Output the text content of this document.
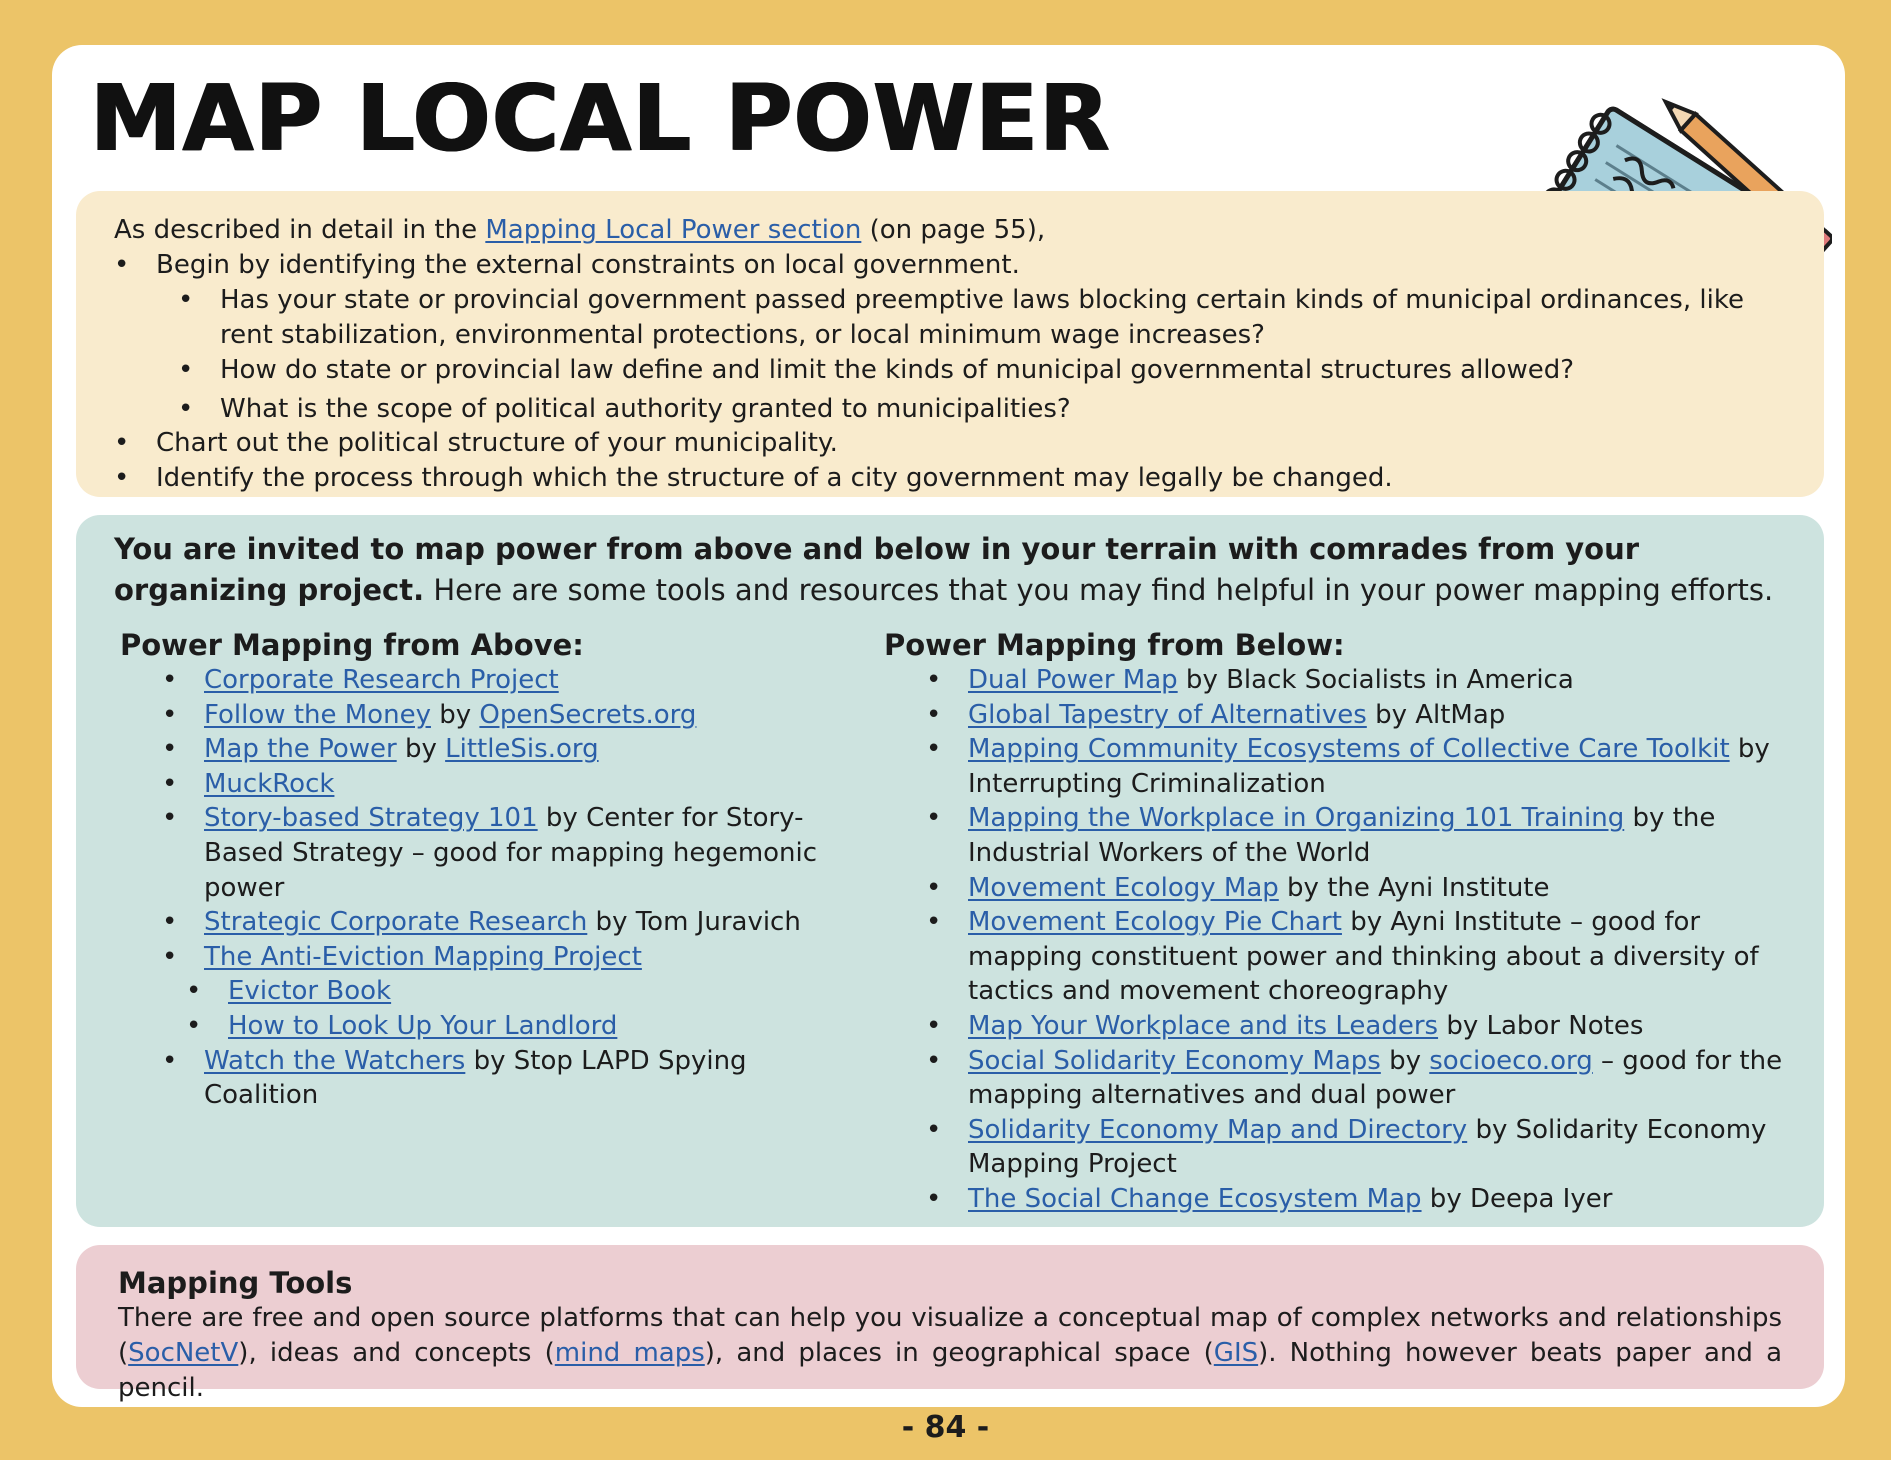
MAP LOCAL POWER
As described in detail in the Mapping Local Power section (on page 55),
• Begin by identifying the external constraints on local government.
• Has your state or provincial government passed preemptive laws blocking certain kinds of municipal ordinances, like rent stabilization, environmental protections, or local minimum wage increases?
• How do state or provincial law define and limit the kinds of municipal governmental structures allowed?
• What is the scope of political authority granted to municipalities?
• Chart out the political structure of your municipality.
• Identify the process through which the structure of a city government may legally be changed.
You are invited to map power from above and below in your terrain with comrades from your organizing project. Here are some tools and resources that you may find helpful in your power mapping efforts.
Power Mapping from Above:
• Corporate Research Project
• Follow the Money by OpenSecrets.org
• Map the Power by LittleSis.org
• MuckRock
• Story-based Strategy 101 by Center for Story-Based Strategy – good for mapping hegemonic power
• Strategic Corporate Research by Tom Juravich
• The Anti-Eviction Mapping Project
• Evictor Book
• How to Look Up Your Landlord
• Watch the Watchers by Stop LAPD Spying Coalition
Power Mapping from Below:
• Dual Power Map by Black Socialists in America
• Global Tapestry of Alternatives by AltMap
• Mapping Community Ecosystems of Collective Care Toolkit by Interrupting Criminalization
• Mapping the Workplace in Organizing 101 Training by the Industrial Workers of the World
• Movement Ecology Map by the Ayni Institute
• Movement Ecology Pie Chart by Ayni Institute – good for mapping constituent power and thinking about a diversity of tactics and movement choreography
• Map Your Workplace and its Leaders by Labor Notes
• Social Solidarity Economy Maps by socioeco.org – good for the mapping alternatives and dual power
• Solidarity Economy Map and Directory by Solidarity Economy Mapping Project
• The Social Change Ecosystem Map by Deepa Iyer

Mapping Tools

There are free and open source platforms that can help you visualize a conceptual map of complex networks and relationships (SocNetV), ideas and concepts (mind maps), and places in geographical space (GIS). Nothing however beats paper and a pencil.

- 84 -
